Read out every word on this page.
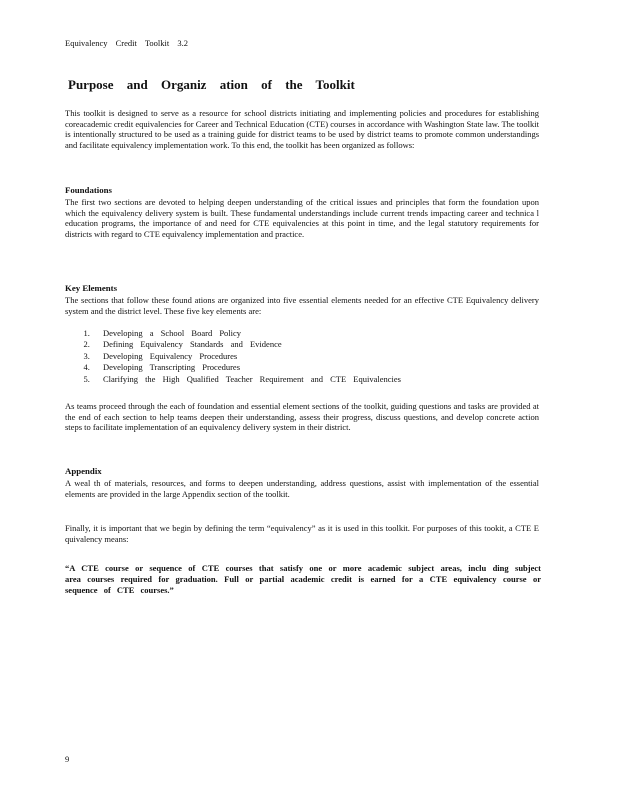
Equivalency Credit Toolkit 3.2
Purpose and Organiz ation of the Toolkit

This toolkit is designed to serve as a resource for school districts initiating and implementing policies and procedures for establishing coreacademic credit equivalencies for Career and Technical Education (CTE) courses in accordance with Washington State law. The toolkit is intentionally structured to be used as a training guide for district teams to be used by district teams to promote common understandings and facilitate equivalency implementation work. To this end, the toolkit has been organized as follows:

Foundations

The first two sections are devoted to helping deepen understanding of the critical issues and principles that form the foundation upon which the equivalency delivery system is built. These fundamental understandings include current trends impacting career and technica l education programs, the importance of and need for CTE equivalencies at this point in time, and the legal statutory requirements for districts with regard to CTE equivalency implementation and practice.

Key Elements

The sections that follow these found ations are organized into five essential elements needed for an effective CTE Equivalency delivery system and the district level. These five key elements are:

1. Developing a School Board Policy
2. Defining Equivalency Standards and Evidence
3. Developing Equivalency Procedures
4. Developing Transcripting Procedures
5. Clarifying the High Qualified Teacher Requirement and CTE Equivalencies

As teams proceed through the each of foundation and essential element sections of the toolkit, guiding questions and tasks are provided at the end of each section to help teams deepen their understanding, assess their progress, discuss questions, and develop concrete action steps to facilitate implementation of an equivalency delivery system in their district.

Appendix

A weal th of materials, resources, and forms to deepen understanding, address questions, assist with implementation of the essential elements are provided in the large Appendix section of the toolkit.

Finally, it is important that we begin by defining the term “equivalency” as it is used in this toolkit. For purposes of this tookit, a CTE E quivalency means:

“A CTE course or sequence of CTE courses that satisfy one or more academic subject areas, inclu ding subject area courses required for graduation. Full or partial academic credit is earned for a CTE equivalency course or sequence of CTE courses.”

9
